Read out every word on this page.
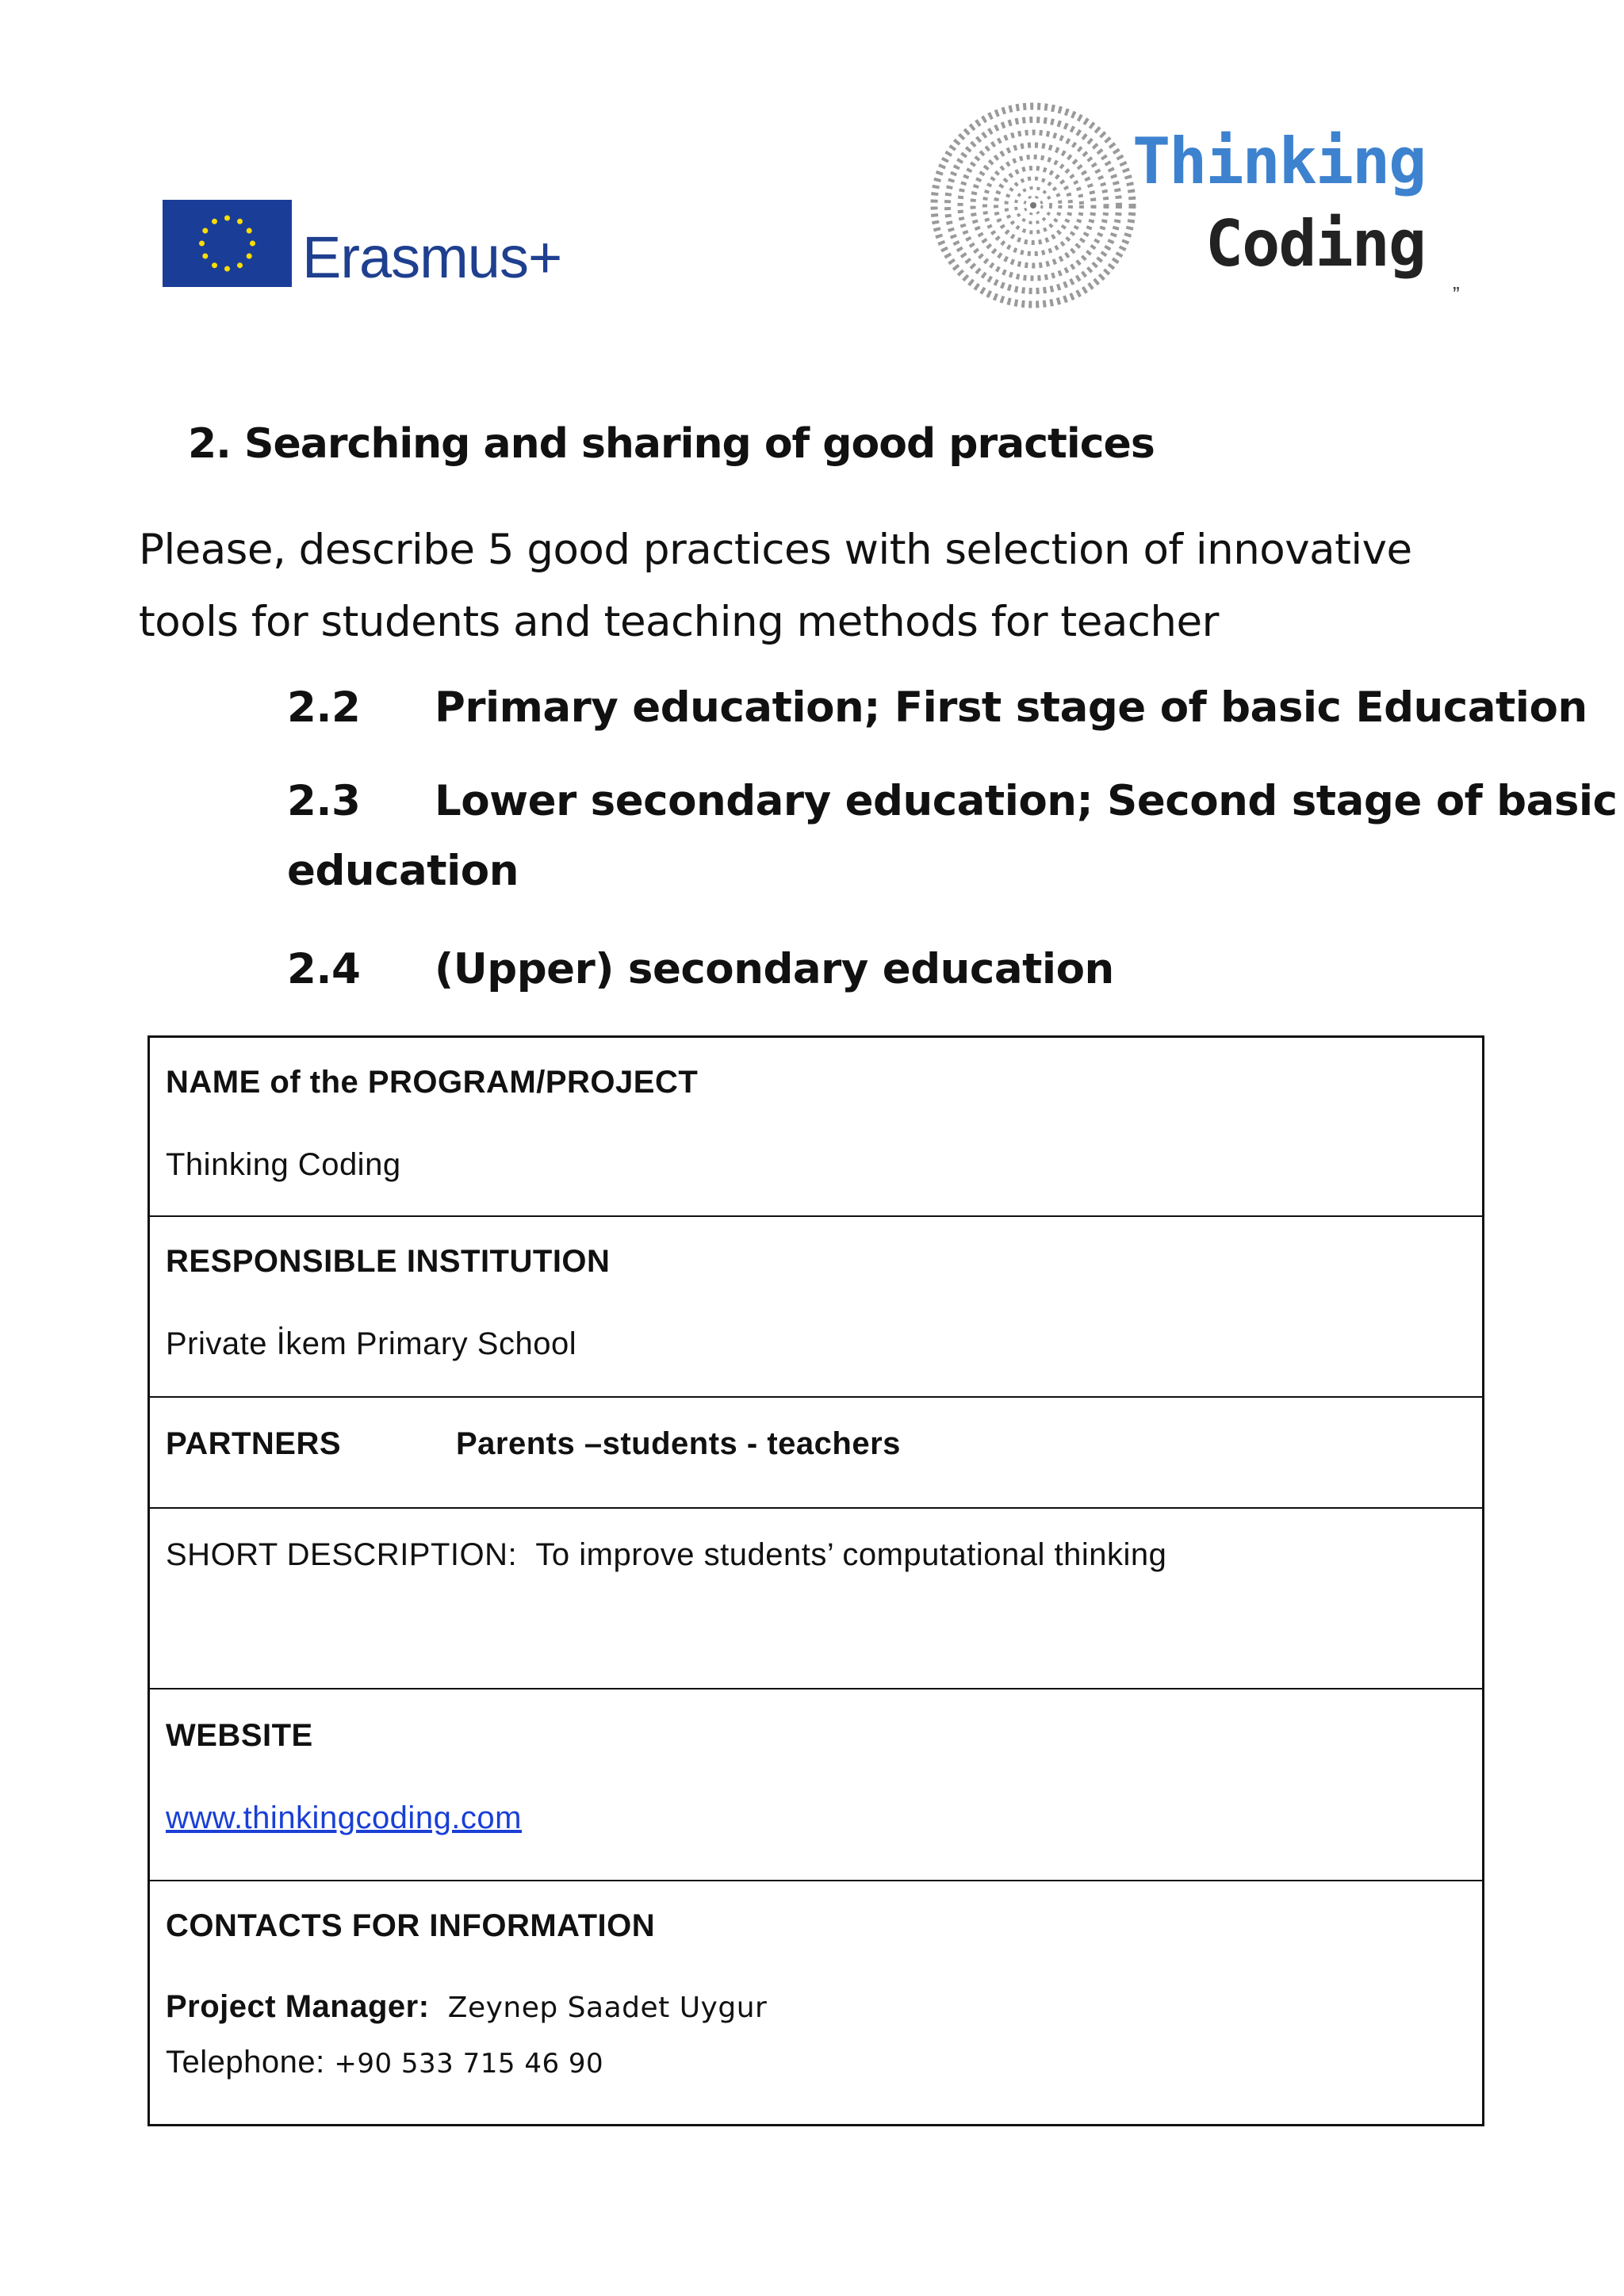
Erasmus+
Thinking
Coding
”
2. Searching and sharing of good practices
Please, describe 5 good practices with selection of innovative tools for students and teaching methods for teacher
2.2 Primary education; First stage of basic Education
2.3 Lower secondary education; Second stage of basic
education
2.4 (Upper) secondary education
NAME of the PROGRAM/PROJECT
Thinking Coding
RESPONSIBLE INSTITUTION
Private İkem Primary School
PARTNERS	Parents –students - teachers
SHORT DESCRIPTION: To improve students’ computational thinking
WEBSITE
www.thinkingcoding.com
CONTACTS FOR INFORMATION
Project Manager: Zeynep Saadet Uygur
Telephone: +90 533 715 46 90
